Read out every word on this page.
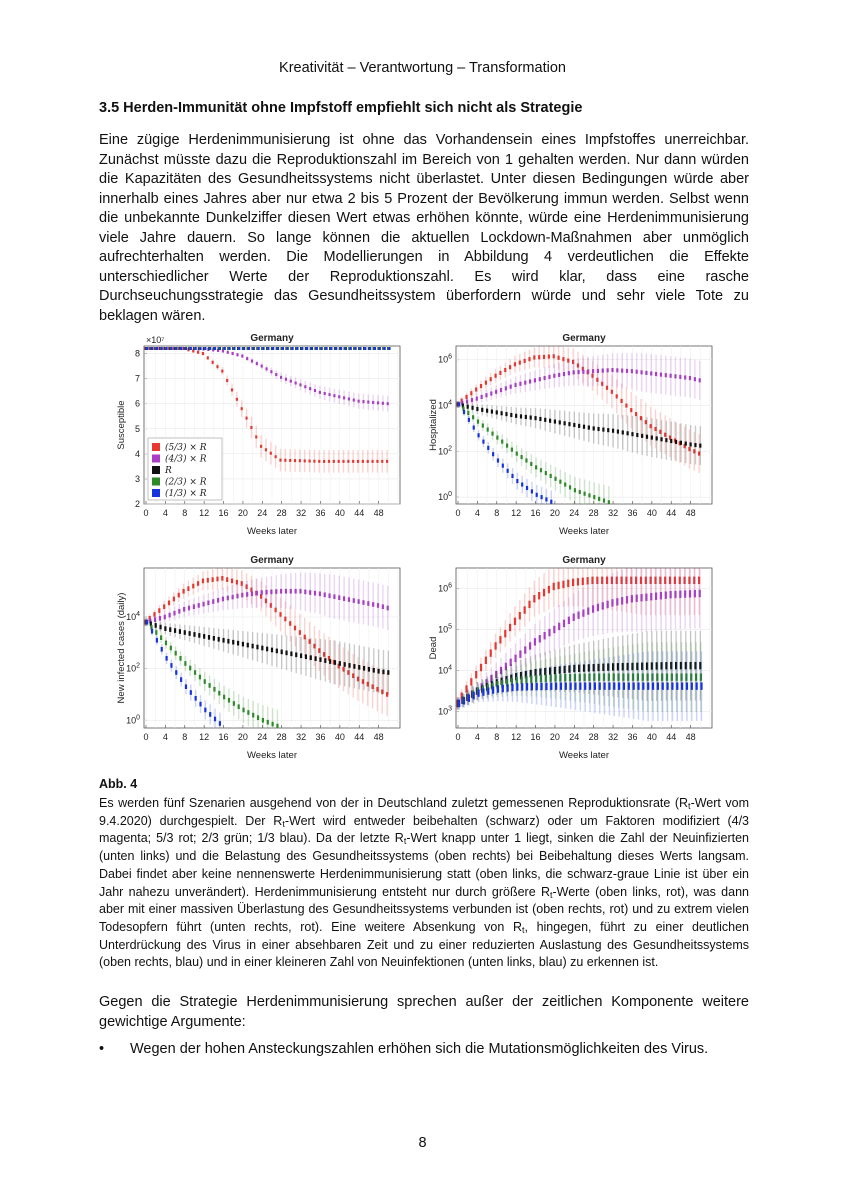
Kreativität – Verantwortung – Transformation
3.5 Herden-Immunität ohne Impfstoff empfiehlt sich nicht als Strategie

Eine zügige Herdenimmunisierung ist ohne das Vorhandensein eines Impfstoffes unerreichbar. Zunächst müsste dazu die Reproduktionszahl im Bereich von 1 gehalten werden. Nur dann würden die Kapazitäten des Gesundheitssystems nicht überlastet. Unter diesen Bedingungen würde aber innerhalb eines Jahres aber nur etwa 2 bis 5 Prozent der Bevölkerung immun werden. Selbst wenn die unbekannte Dunkelziffer diesen Wert etwas erhöhen könnte, würde eine Herdenimmunisierung viele Jahre dauern. So lange können die aktuellen Lockdown-Maßnahmen aber unmöglich aufrechterhalten werden. Die Modellierungen in Abbildung 4 verdeutlichen die Effekte unterschiedlicher Werte der Reproduktionszahl. Es wird klar, dass eine rasche Durchseuchungsstrategie das Gesundheitssystem überfordern würde und sehr viele Tote zu beklagen wären.

Germany
0 4 8 12 16 20 24 28 32 36 40 44 48
Weeks later
2
3
4
5
6
7
8
×10⁷
Susceptible	(5/3) × R
(4/3) × R
R
(2/3) × R
(1/3) × R
Germany
0 4 8 12 16 20 24 28 32 36 40 44 48
Weeks later
$10^0$
$10^2$
$10^4$
$10^6$
Hospitalized
Germany
0 4 8 12 16 20 24 28 32 36 40 44 48
Weeks later
$10^0$
$10^2$
$10^4$
New infected cases (daily)
Germany
0 4 8 12 16 20 24 28 32 36 40 44 48
Weeks later
$10^3$
$10^4$
$10^5$
$10^6$
Dead
Abb. 4
Es werden fünf Szenarien ausgehend von der in Deutschland zuletzt gemessenen Reproduktionsrate ($R_t$-Wert vom 9.4.2020) durchgespielt. Der $R_t$-Wert wird entweder beibehalten (schwarz) oder um Faktoren modifiziert (4/3 magenta; 5/3 rot; 2/3 grün; 1/3 blau). Da der letzte $R_t$-Wert knapp unter 1 liegt, sinken die Zahl der Neuinfizierten (unten links) und die Belastung des Gesundheitssystems (oben rechts) bei Beibehaltung dieses Werts langsam. Dabei findet aber keine nennenswerte Herdenimmunisierung statt (oben links, die schwarz-graue Linie ist über ein Jahr nahezu unverändert). Herdenimmunisierung entsteht nur durch größere $R_t$-Werte (oben links, rot), was dann aber mit einer massiven Überlastung des Gesundheitssystems verbunden ist (oben rechts, rot) und zu extrem vielen Todesopfern führt (unten rechts, rot). Eine weitere Absenkung von $R_t$, hingegen, führt zu einer deutlichen Unterdrückung des Virus in einer absehbaren Zeit und zu einer reduzierten Auslastung des Gesundheitssystems (oben rechts, blau) und in einer kleineren Zahl von Neuinfektionen (unten links, blau) zu erkennen ist.

Gegen die Strategie Herdenimmunisierung sprechen außer der zeitlichen Komponente weitere gewichtige Argumente:

• Wegen der hohen Ansteckungszahlen erhöhen sich die Mutationsmöglichkeiten des Virus.
8
